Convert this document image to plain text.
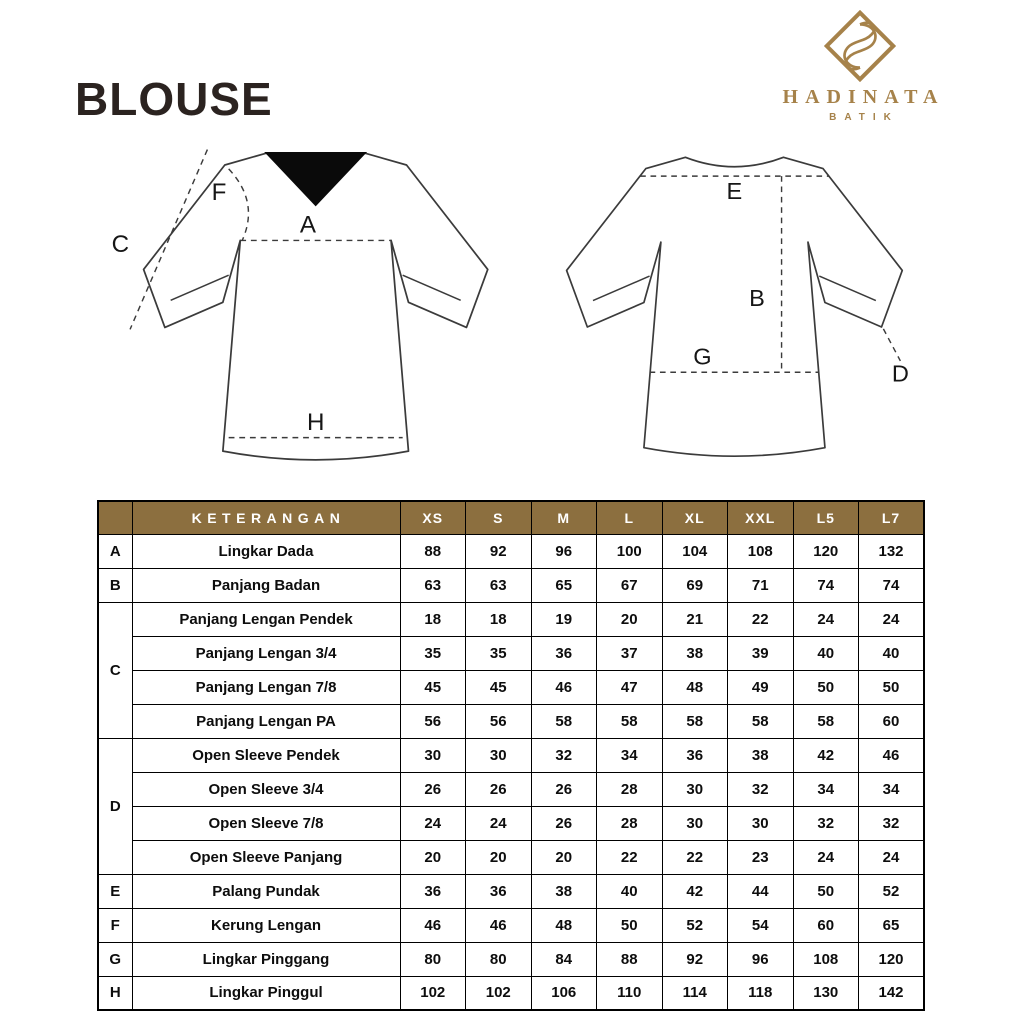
BLOUSE	HADINATA
BATIK
A
C
F
H
E
B
G
D
	KETERANGAN	XS	S	M	L	XL	XXL	L5	L7
A	Lingkar Dada	88	92	96	100	104	108	120	132
B	Panjang Badan	63	63	65	67	69	71	74	74
C	Panjang Lengan Pendek	18	18	19	20	21	22	24	24
	Panjang Lengan 3/4	35	35	36	37	38	39	40	40
	Panjang Lengan 7/8	45	45	46	47	48	49	50	50
	Panjang Lengan PA	56	56	58	58	58	58	58	60
D	Open Sleeve Pendek	30	30	32	34	36	38	42	46
	Open Sleeve 3/4	26	26	26	28	30	32	34	34
	Open Sleeve 7/8	24	24	26	28	30	30	32	32
	Open Sleeve Panjang	20	20	20	22	22	23	24	24
E	Palang Pundak	36	36	38	40	42	44	50	52
F	Kerung Lengan	46	46	48	50	52	54	60	65
G	Lingkar Pinggang	80	80	84	88	92	96	108	120
H	Lingkar Pinggul	102	102	106	110	114	118	130	142
